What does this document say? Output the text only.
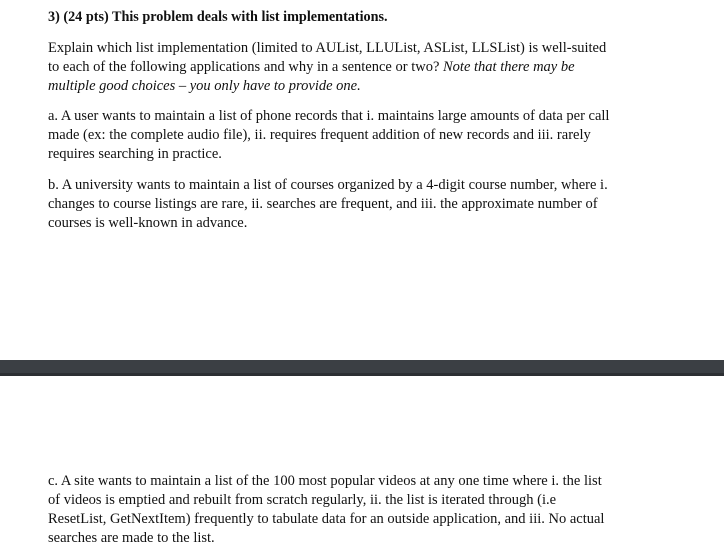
3) (24 pts) This problem deals with list implementations.

Explain which list implementation (limited to AUList, LLUList, ASList, LLSList) is well-suited
to each of the following applications and why in a sentence or two? Note that there may be
multiple good choices – you only have to provide one.

a. A user wants to maintain a list of phone records that i. maintains large amounts of data per call
made (ex: the complete audio file), ii. requires frequent addition of new records and iii. rarely
requires searching in practice.

b. A university wants to maintain a list of courses organized by a 4-digit course number, where i.
changes to course listings are rare, ii. searches are frequent, and iii. the approximate number of
courses is well-known in advance.

c. A site wants to maintain a list of the 100 most popular videos at any one time where i. the list
of videos is emptied and rebuilt from scratch regularly, ii. the list is iterated through (i.e
ResetList, GetNextItem) frequently to tabulate data for an outside application, and iii. No actual
searches are made to the list.
